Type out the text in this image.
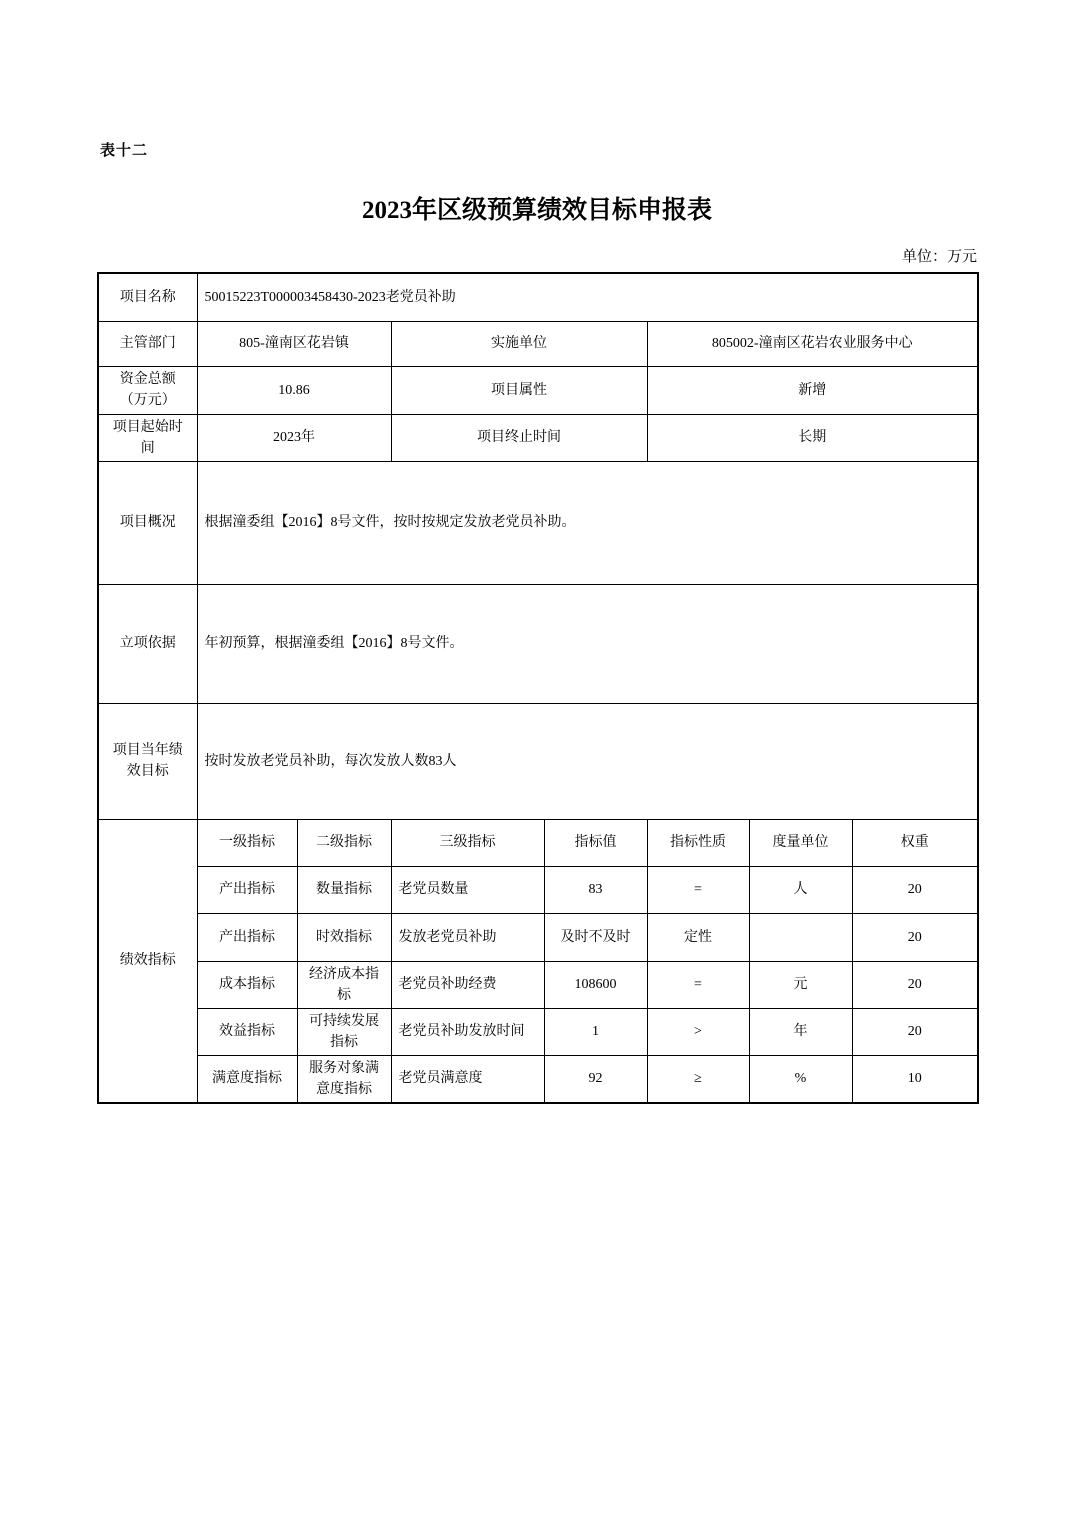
表十二
2023年区级预算绩效目标申报表
单位：万元
项目名称	50015223T000003458430-2023老党员补助						
主管部门	805-潼南区花岩镇		实施单位		805002-潼南区花岩农业服务中心		
资金总额（万元）	10.86		项目属性		新增		
项目起始时间	2023年		项目终止时间		长期		
项目概况	根据潼委组【2016】8号文件，按时按规定发放老党员补助。						
立项依据	年初预算，根据潼委组【2016】8号文件。						
项目当年绩效目标	按时发放老党员补助，每次发放人数83人						
绩效指标	一级指标	二级指标	三级指标	指标值	指标性质	度量单位	权重
	产出指标	数量指标	老党员数量	83	=	人	20
	产出指标	时效指标	发放老党员补助	及时不及时	定性		20
	成本指标	经济成本指标	老党员补助经费	108600	=	元	20
	效益指标	可持续发展指标	老党员补助发放时间	1	>	年	20
	满意度指标	服务对象满意度指标	老党员满意度	92	≥	%	10
